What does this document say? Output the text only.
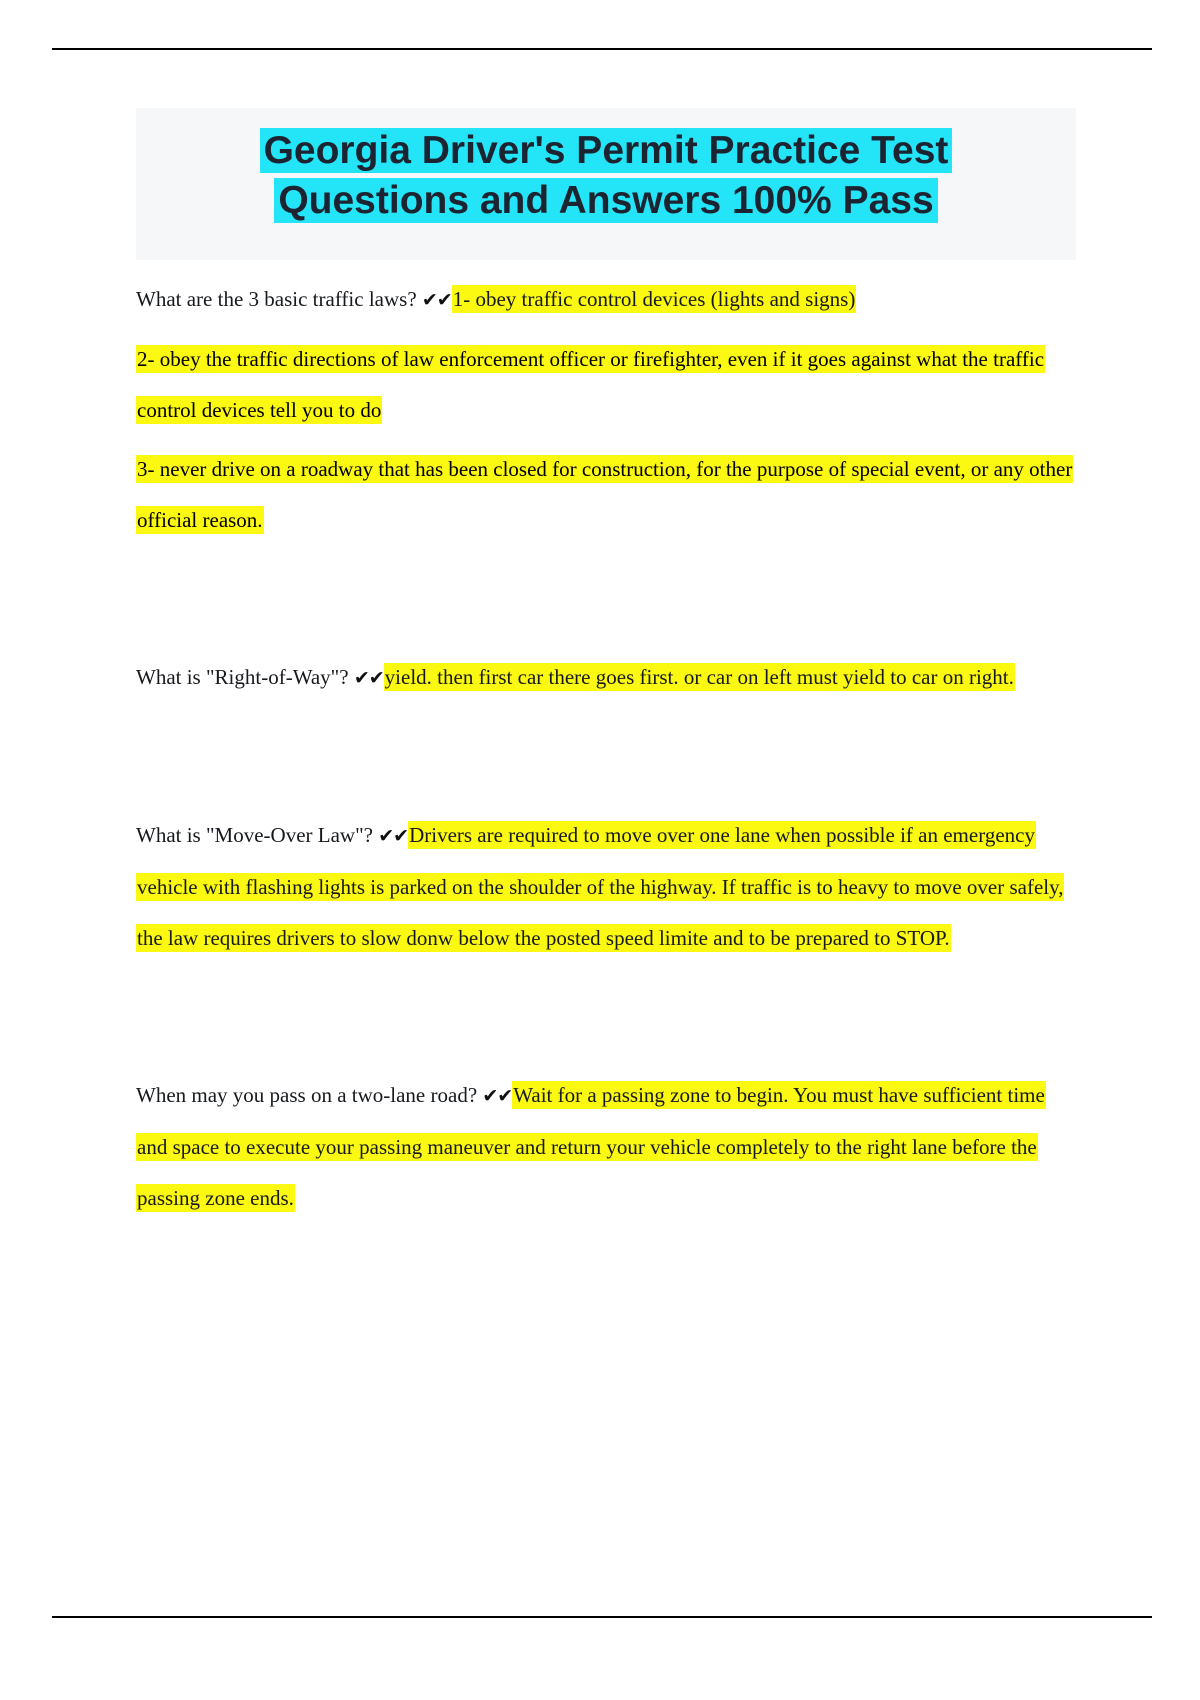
Georgia Driver's Permit Practice Test

Questions and Answers 100% Pass

What are the 3 basic traffic laws? ✔✔1- obey traffic control devices (lights and signs)

2- obey the traffic directions of law enforcement officer or firefighter, even if it goes against what the traffic control devices tell you to do

3- never drive on a roadway that has been closed for construction, for the purpose of special event, or any other official reason.

What is "Right-of-Way"? ✔✔yield. then first car there goes first. or car on left must yield to car on right.

What is "Move-Over Law"? ✔✔Drivers are required to move over one lane when possible if an emergency vehicle with flashing lights is parked on the shoulder of the highway. If traffic is to heavy to move over safely, the law requires drivers to slow donw below the posted speed limite and to be prepared to STOP.

When may you pass on a two-lane road? ✔✔Wait for a passing zone to begin. You must have sufficient time and space to execute your passing maneuver and return your vehicle completely to the right lane before the passing zone ends.
